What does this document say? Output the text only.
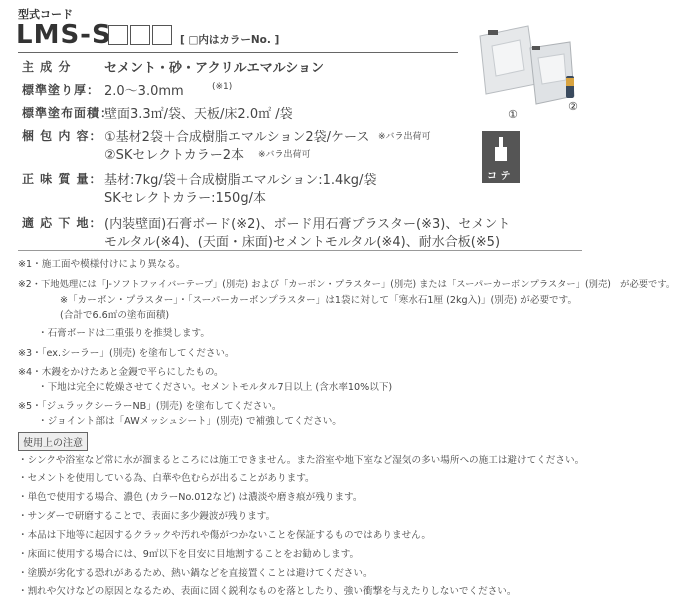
型式コード
LMS-S	[ □内はカラーNo. ]
主 成 分	セメント・砂・アクリルエマルション
標準塗り厚： 2.0〜3.0mm	(※1)
標準塗布面積：
壁面3.3㎡/袋、天板/床2.0㎡ /袋
梱 包 内 容： ①基材2袋＋合成樹脂エマルション2袋/ケース ※バラ出荷可
②SKセレクトカラー2本 ※バラ出荷可
正 味 質 量： 基材:7kg/袋＋合成樹脂エマルション:1.4kg/袋
SKセレクトカラー:150g/本
適 応 下 地： (内装壁面)石膏ボード(※2)、ボード用石膏プラスター(※3)、セメント
モルタル(※4)、(天面・床面)セメントモルタル(※4)、耐水合板(※5)
②
①
コ テ
※1・施工面や模様付けにより異なる。
※2・下地処理には「J-ソフトファイバーテープ」(別売) および「カーボン・プラスター」(別売) または「スーパーカーボンプラスター」(別売)　が必要です。
※「カーボン・プラスター」・「スーパーカーボンプラスター」は1袋に対して「寒水石1厘 (2kg入)」(別売) が必要です。
(合計で6.6㎡の塗布面積)
・石膏ボードは二重張りを推奨します。
※3・「ex.シーラー」(別売) を塗布してください。
※4・木鏝をかけたあと金鏝で平らにしたもの。
・下地は完全に乾燥させてください。セメントモルタル7日以上 (含水率10%以下)
※5・「ジュラックシーラーNB」(別売) を塗布してください。
・ジョイント部は「AWメッシュシート」(別売) で補強してください。
使用上の注意
・シンクや浴室など常に水が溜まるところには施工できません。また浴室や地下室など湿気の多い場所への施工は避けてください。
・セメントを使用している為、白華や色むらが出ることがあります。
・単色で使用する場合、濃色 (カラーNo.012など) は濃淡や磨き痕が残ります。
・サンダーで研磨することで、表面に多少鏝波が残ります。
・本品は下地等に起因するクラックや汚れや傷がつかないことを保証するものではありません。
・床面に使用する場合には、9㎡以下を目安に目地割することをお勧めします。
・塗膜が劣化する恐れがあるため、熱い鍋などを直接置くことは避けてください。
・割れや欠けなどの原因となるため、表面に固く鋭利なものを落としたり、強い衝撃を与えたりしないでください。
